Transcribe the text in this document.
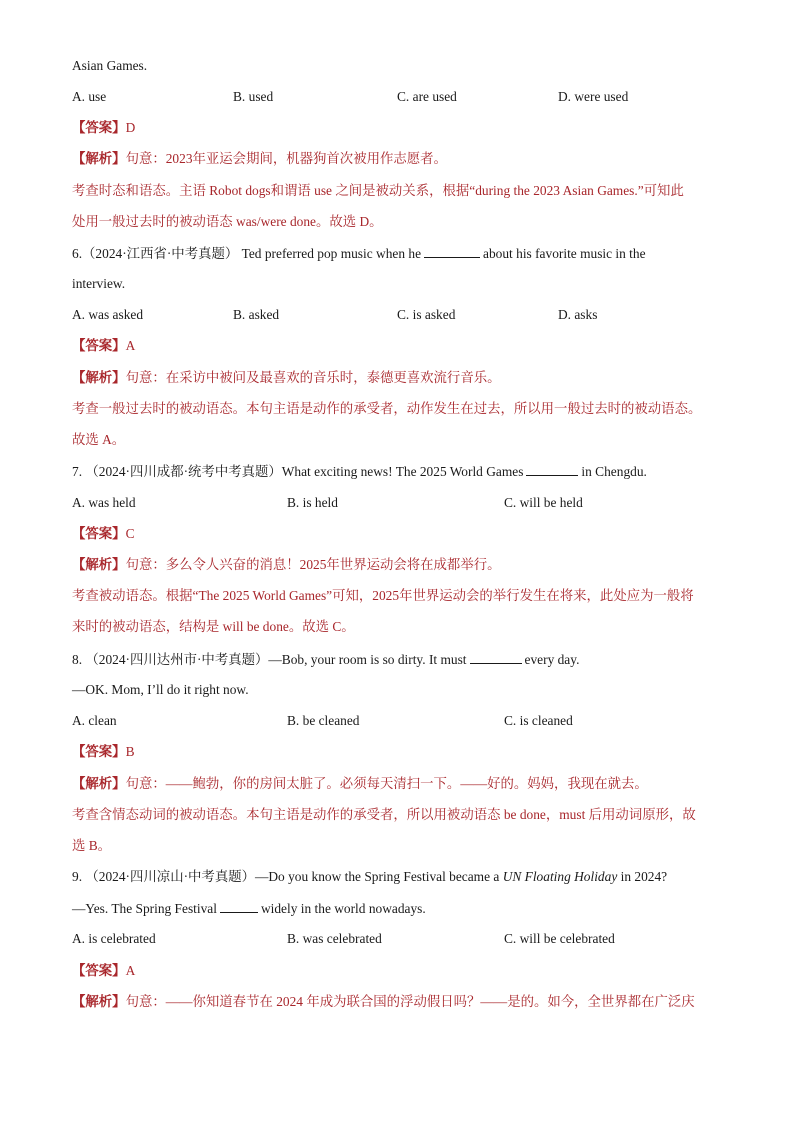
Asian Games.
A. use	B. used	C. are used	D. were used
【答案】D
【解析】句意：2023年亚运会期间，机器狗首次被用作志愿者。
考查时态和语态。主语 Robot dogs和谓语 use 之间是被动关系，根据“during the 2023 Asian Games.”可知此
处用一般过去时的被动语态 was/were done。故选 D。
6.（2024·江西省·中考真题） Ted preferred pop music when he	about his favorite music in the
interview.
A. was asked	B. asked	C. is asked	D. asks
【答案】A
【解析】句意：在采访中被问及最喜欢的音乐时，泰德更喜欢流行音乐。
考查一般过去时的被动语态。本句主语是动作的承受者，动作发生在过去，所以用一般过去时的被动语态。
故选 A。
7. （2024·四川成都·统考中考真题）What exciting news! The 2025 World Games	in Chengdu.
A. was held	B. is held	C. will be held
【答案】C
【解析】句意：多么令人兴奋的消息！2025年世界运动会将在成都举行。
考查被动语态。根据“The 2025 World Games”可知，2025年世界运动会的举行发生在将来，此处应为一般将
来时的被动语态，结构是 will be done。故选 C。
8. （2024·四川达州市·中考真题）—Bob, your room is so dirty. It must	every day.
—OK. Mom, I’ll do it right now.
A. clean	B. be cleaned	C. is cleaned
【答案】B
【解析】句意：——鲍勃，你的房间太脏了。必须每天清扫一下。——好的。妈妈，我现在就去。
考查含情态动词的被动语态。本句主语是动作的承受者，所以用被动语态 be done，must 后用动词原形，故
选 B。
9. （2024·四川凉山·中考真题）—Do you know the Spring Festival became a UN Floating Holiday in 2024?
—Yes. The Spring Festival	widely in the world nowadays.
A. is celebrated	B. was celebrated	C. will be celebrated
【答案】A
【解析】句意：——你知道春节在 2024 年成为联合国的浮动假日吗？——是的。如今，全世界都在广泛庆
